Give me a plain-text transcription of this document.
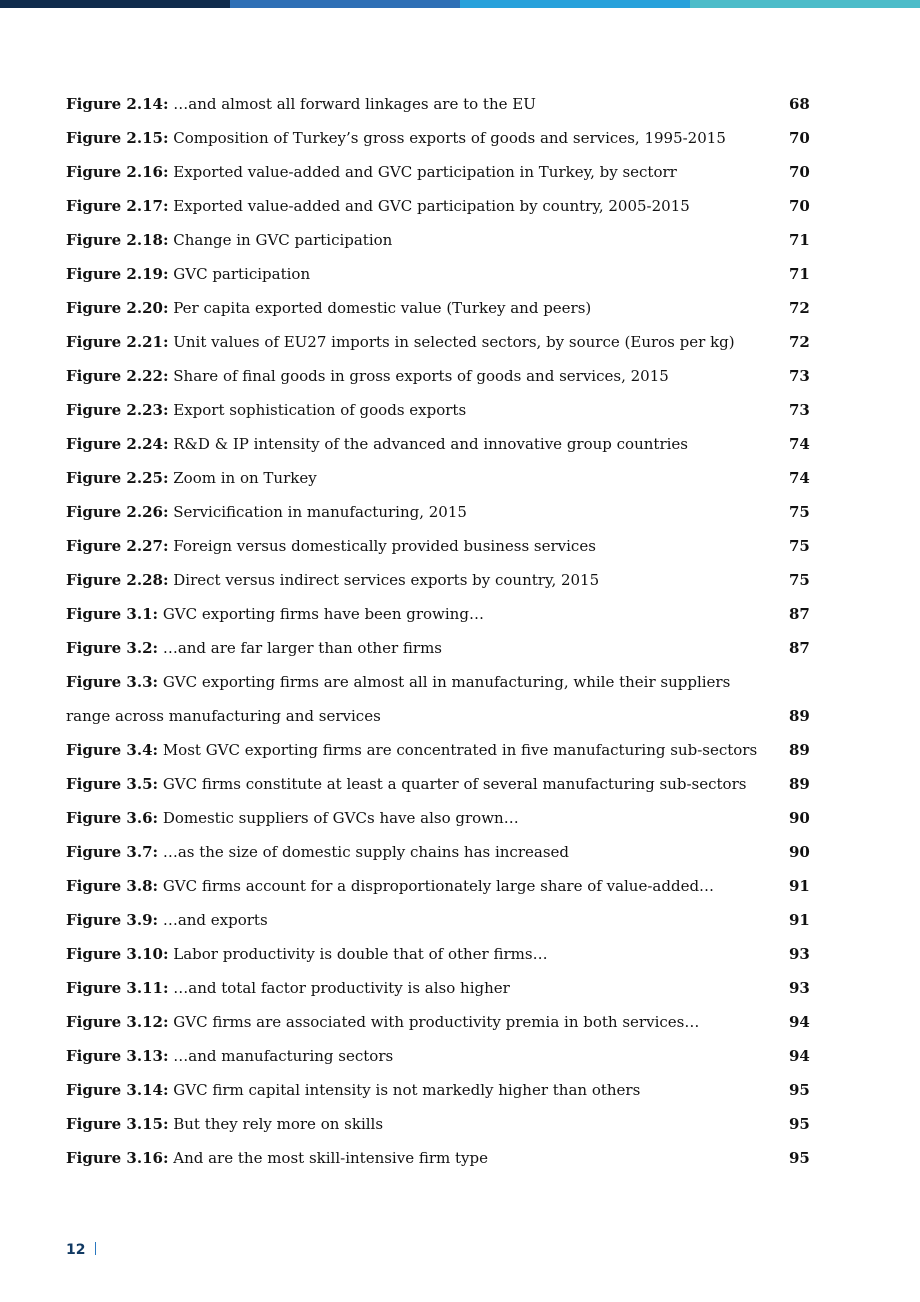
Figure 2.14: …and almost all forward linkages are to the EU	68
Figure 2.15: Composition of Turkey’s gross exports of goods and services, 1995-2015	70
Figure 2.16: Exported value-added and GVC participation in Turkey, by sectorr	70
Figure 2.17: Exported value-added and GVC participation by country, 2005-2015	70
Figure 2.18: Change in GVC participation	71
Figure 2.19: GVC participation	71
Figure 2.20: Per capita exported domestic value (Turkey and peers)	72
Figure 2.21: Unit values of EU27 imports in selected sectors, by source (Euros per kg)	72
Figure 2.22: Share of final goods in gross exports of goods and services, 2015	73
Figure 2.23: Export sophistication of goods exports	73
Figure 2.24: R&D & IP intensity of the advanced and innovative group countries	74
Figure 2.25: Zoom in on Turkey	74
Figure 2.26: Servicification in manufacturing, 2015	75
Figure 2.27: Foreign versus domestically provided business services	75
Figure 2.28: Direct versus indirect services exports by country, 2015	75
Figure 3.1: GVC exporting firms have been growing…	87
Figure 3.2: …and are far larger than other firms	87
Figure 3.3: GVC exporting firms are almost all in manufacturing, while their suppliers
range across manufacturing and services	89
Figure 3.4: Most GVC exporting firms are concentrated in five manufacturing sub-sectors 89
Figure 3.5: GVC firms constitute at least a quarter of several manufacturing sub-sectors	89
Figure 3.6: Domestic suppliers of GVCs have also grown…	90
Figure 3.7: …as the size of domestic supply chains has increased	90
Figure 3.8: GVC firms account for a disproportionately large share of value-added…	91
Figure 3.9: …and exports	91
Figure 3.10: Labor productivity is double that of other firms…	93
Figure 3.11: …and total factor productivity is also higher	93
Figure 3.12: GVC firms are associated with productivity premia in both services…	94
Figure 3.13: …and manufacturing sectors	94
Figure 3.14: GVC firm capital intensity is not markedly higher than others	95
Figure 3.15: But they rely more on skills	95
Figure 3.16: And are the most skill-intensive firm type	95
12
